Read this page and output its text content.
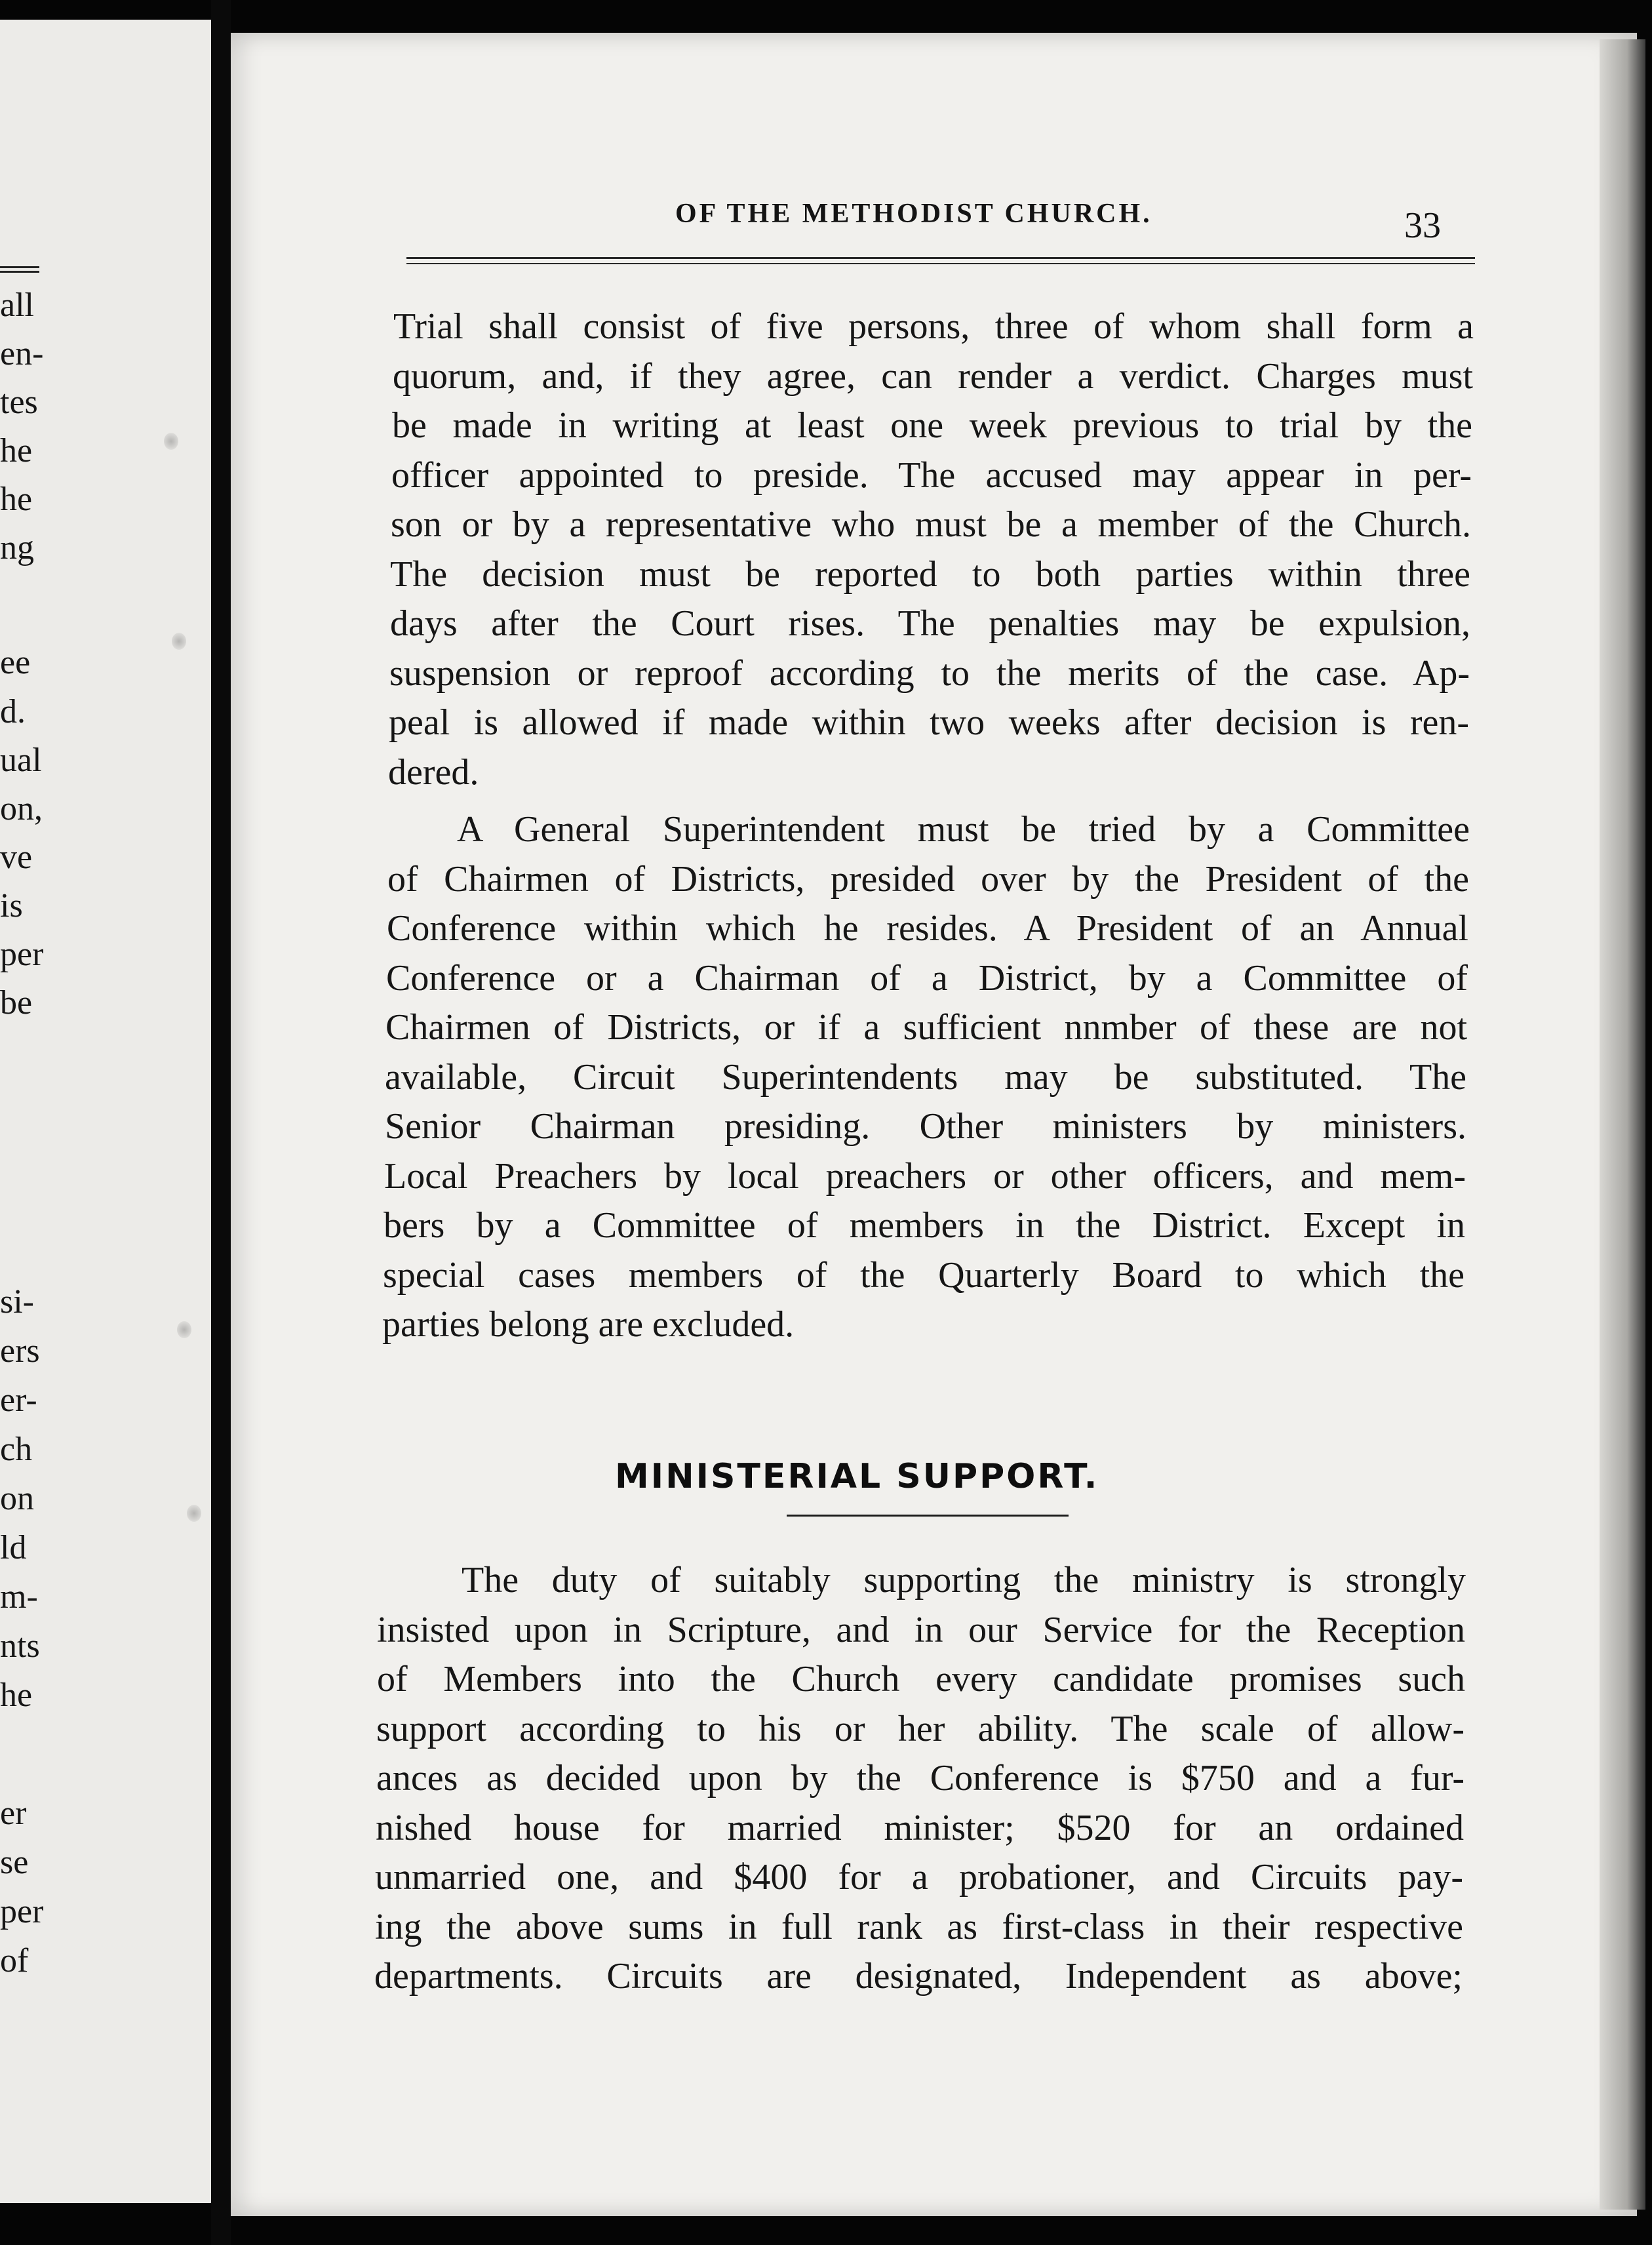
all
en-
tes
he
he
ng
ee
d.
ual
on,
ve
is
per
be
si-
ers
er-
ch
on
ld
m-
nts
he
er
se
per
of
OF THE METHODIST CHURCH.	33
Trial shall consist of five persons, three of whom shall form a
quorum, and, if they agree, can render a verdict. Charges must
be made in writing at least one week previous to trial by the
officer appointed to preside. The accused may appear in per-
son or by a representative who must be a member of the Church.
The decision must be reported to both parties within three
days after the Court rises. The penalties may be expulsion,
suspension or reproof according to the merits of the case. Ap-
peal is allowed if made within two weeks after decision is ren-
dered.
A General Superintendent must be tried by a Committee
of Chairmen of Districts, presided over by the President of the
Conference within which he resides. A President of an Annual
Conference or a Chairman of a District, by a Committee of
Chairmen of Districts, or if a sufficient nnmber of these are not
available, Circuit Superintendents may be substituted. The
Senior Chairman presiding. Other ministers by ministers.
Local Preachers by local preachers or other officers, and mem-
bers by a Committee of members in the District. Except in
special cases members of the Quarterly Board to which the
parties belong are excluded.
The duty of suitably supporting the ministry is strongly
insisted upon in Scripture, and in our Service for the Reception
of Members into the Church every candidate promises such
support according to his or her ability. The scale of allow-
ances as decided upon by the Conference is $750 and a fur-
nished house for married minister; $520 for an ordained
unmarried one, and $400 for a probationer, and Circuits pay-
ing the above sums in full rank as first-class in their respective
departments. Circuits are designated, Independent as above;
MINISTERIAL SUPPORT.
